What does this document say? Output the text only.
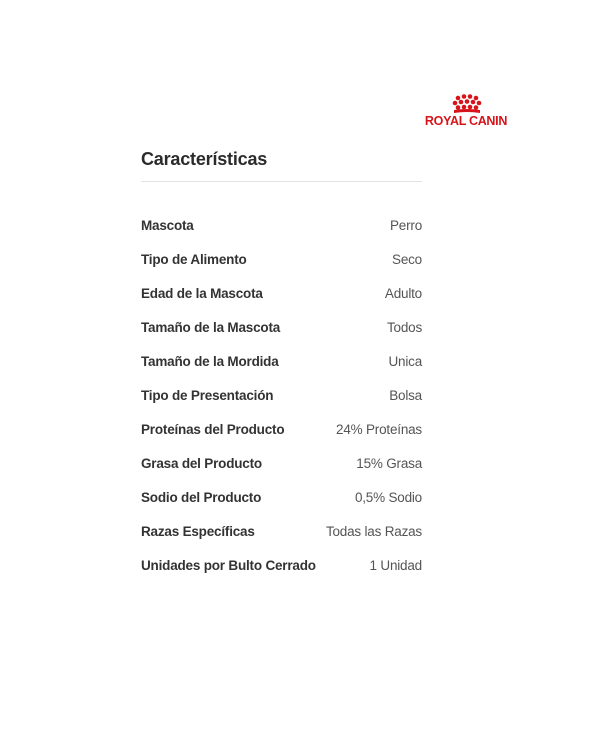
ROYAL CANIN
Características
Mascota	Perro
Tipo de Alimento	Seco
Edad de la Mascota	Adulto
Tamaño de la Mascota	Todos
Tamaño de la Mordida	Unica
Tipo de Presentación	Bolsa
Proteínas del Producto	24% Proteínas
Grasa del Producto	15% Grasa
Sodio del Producto	0,5% Sodio
Razas Específicas	Todas las Razas
Unidades por Bulto Cerrado	1 Unidad
